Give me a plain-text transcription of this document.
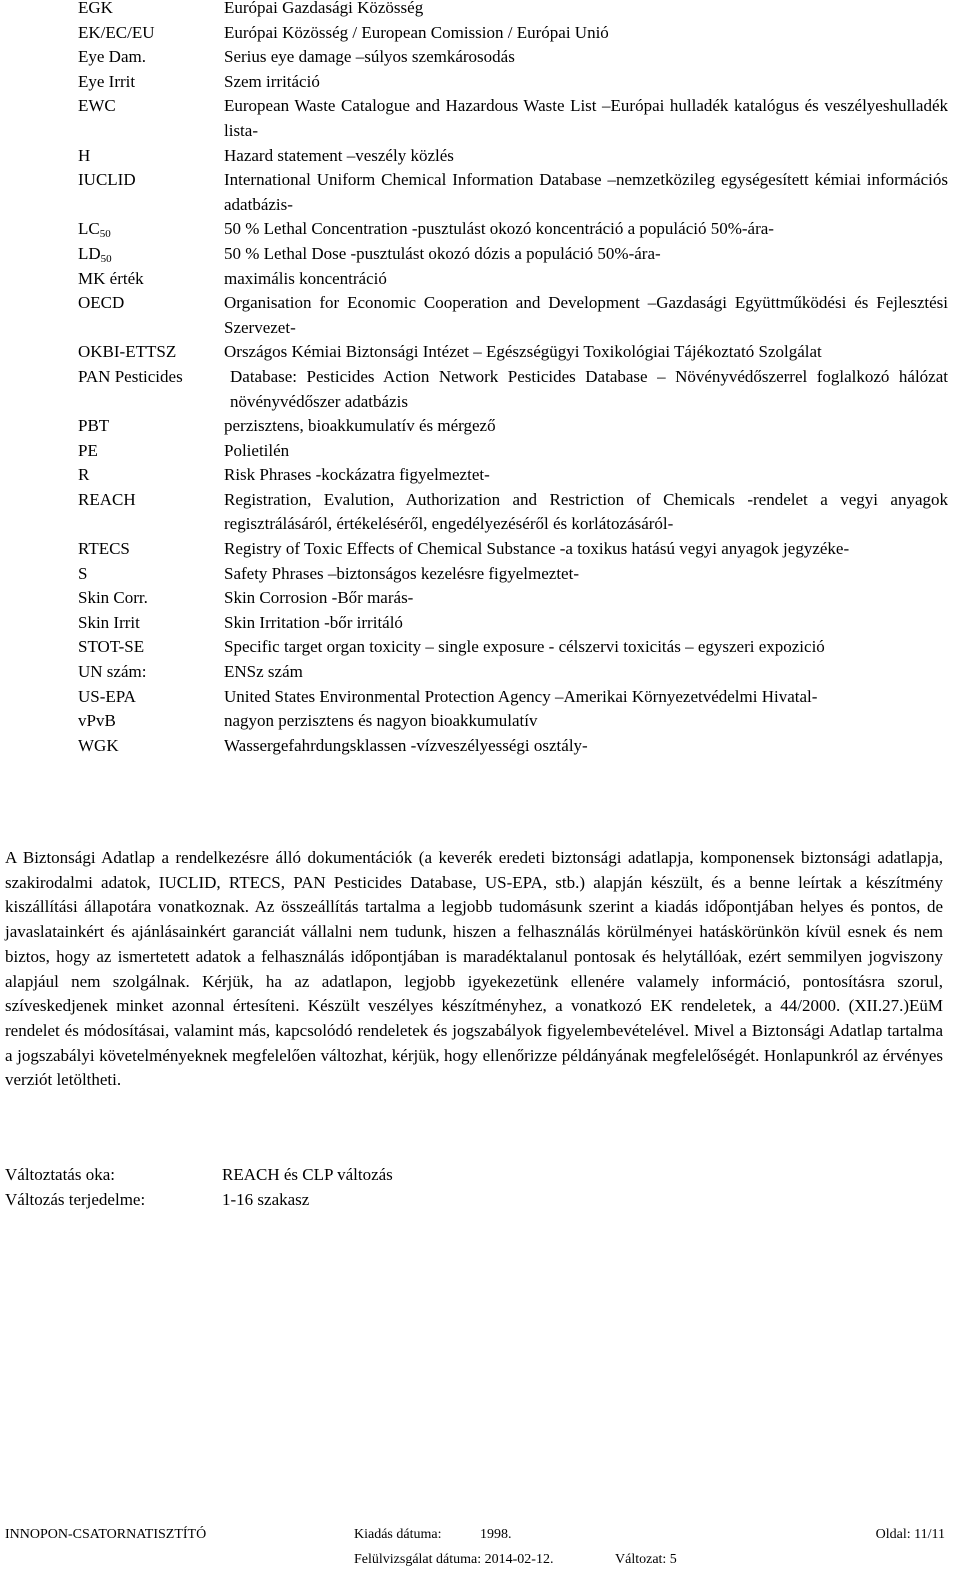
EGK	Európai Gazdasági Közösség
EK/EC/EU	Európai Közösség / European Comission / Európai Unió
Eye Dam.	Serius eye damage –súlyos szemkárosodás
Eye Irrit	Szem irritáció
EWC	European Waste Catalogue and Hazardous Waste List –Európai hulladék katalógus és veszélyeshulladék lista-
H	Hazard statement –veszély közlés
IUCLID	International Uniform Chemical Information Database –nemzetközileg egységesített kémiai információs adatbázis-
$LC_{50}$	50 % Lethal Concentration -pusztulást okozó koncentráció a populáció 50%-ára-
$LD_{50}$	50 % Lethal Dose -pusztulást okozó dózis a populáció 50%-ára-
MK érték	maximális koncentráció
OECD	Organisation for Economic Cooperation and Development –Gazdasági Együttműködési és Fejlesztési Szervezet-
OKBI-ETTSZ	Országos Kémiai Biztonsági Intézet – Egészségügyi Toxikológiai Tájékoztató Szolgálat
PAN Pesticides	Database: Pesticides Action Network Pesticides Database – Növényvédőszerrel foglalkozó hálózat növényvédőszer adatbázis
PBT	perzisztens, bioakkumulatív és mérgező
PE	Polietilén
R	Risk Phrases -kockázatra figyelmeztet-
REACH	Registration, Evalution, Authorization and Restriction of Chemicals -rendelet a vegyi anyagok regisztrálásáról, értékeléséről, engedélyezéséről és korlátozásáról-
RTECS	Registry of Toxic Effects of Chemical Substance -a toxikus hatású vegyi anyagok jegyzéke-
S	Safety Phrases –biztonságos kezelésre figyelmeztet-
Skin Corr.	Skin Corrosion -Bőr marás-
Skin Irrit	Skin Irritation -bőr irritáló
STOT-SE	Specific target organ toxicity – single exposure - célszervi toxicitás – egyszeri expozició
UN szám:	ENSz szám
US-EPA	United States Environmental Protection Agency –Amerikai Környezetvédelmi Hivatal-
vPvB	nagyon perzisztens és nagyon bioakkumulatív
WGK	Wassergefahrdungsklassen -vízveszélyességi osztály-

A Biztonsági Adatlap a rendelkezésre álló dokumentációk (a keverék eredeti biztonsági adatlapja, komponensek biztonsági adatlapja, szakirodalmi adatok, IUCLID, RTECS, PAN Pesticides Database, US-EPA, stb.) alapján készült, és a benne leírtak a készítmény kiszállítási állapotára vonatkoznak. Az összeállítás tartalma a legjobb tudomásunk szerint a kiadás időpontjában helyes és pontos, de javaslatainkért és ajánlásainkért garanciát vállalni nem tudunk, hiszen a felhasználás körülményei hatáskörünkön kívül esnek és nem biztos, hogy az ismertetett adatok a felhasználás időpontjában is maradéktalanul pontosak és helytállóak, ezért semmilyen jogviszony alapjául nem szolgálnak. Kérjük, ha az adatlapon, legjobb igyekezetünk ellenére valamely információ, pontosításra szorul, szíveskedjenek minket azonnal értesíteni. Készült veszélyes készítményhez, a vonatkozó EK rendeletek, a 44/2000. (XII.27.)EüM rendelet és módosításai, valamint más, kapcsolódó rendeletek és jogszabályok figyelembevételével. Mivel a Biztonsági Adatlap tartalma a jogszabályi követelményeknek megfelelően változhat, kérjük, hogy ellenőrizze példányának megfelelőségét. Honlapunkról az érvényes verziót letöltheti.

Változtatás oka:	REACH és CLP változás
Változás terjedelme:	1-16 szakasz
INNOPON-CSATORNATISZTÍTÓ	Kiadás dátuma:	1998.	Oldal: 11/11
Felülvizsgálat dátuma: 2014-02-12.	Változat: 5
